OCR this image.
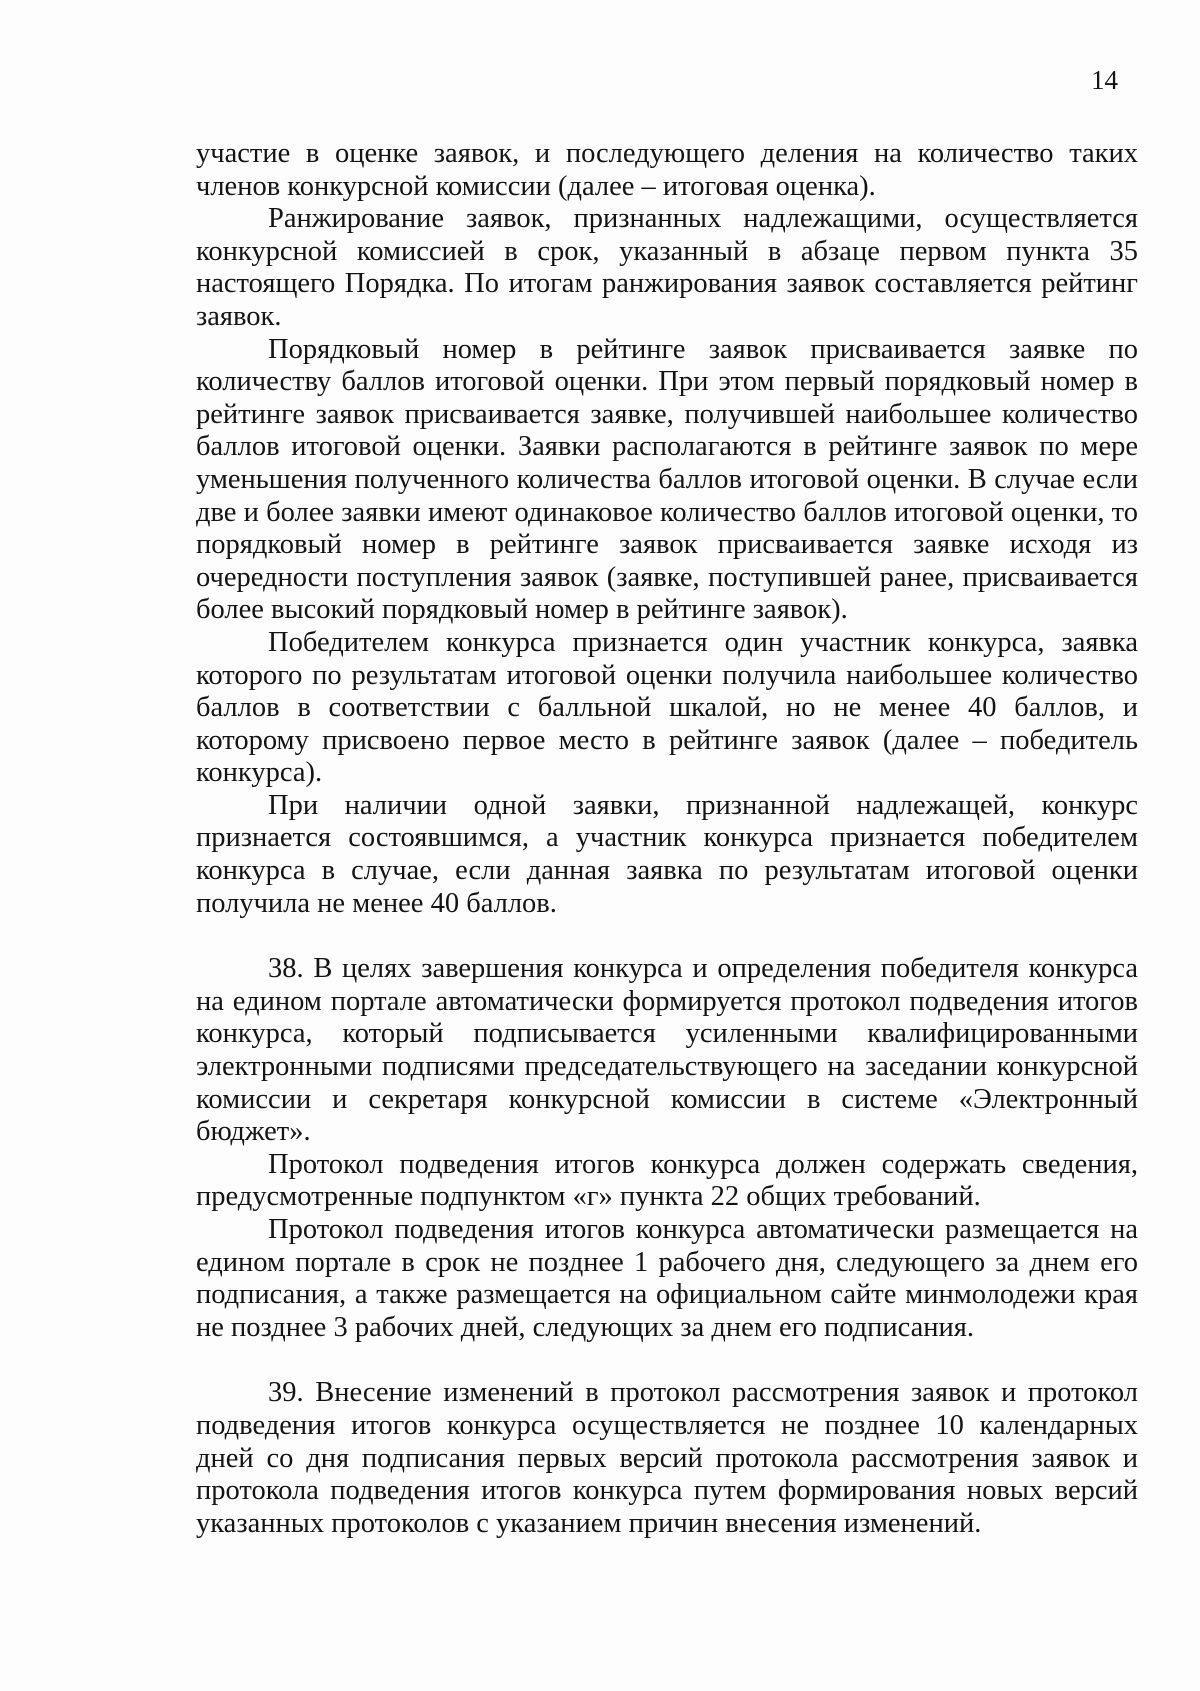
14

участие в оценке заявок, и последующего деления на количество таких членов конкурсной комиссии (далее – итоговая оценка).

Ранжирование заявок, признанных надлежащими, осуществляется конкурсной комиссией в срок, указанный в абзаце первом пункта 35 настоящего Порядка. По итогам ранжирования заявок составляется рейтинг заявок.

Порядковый номер в рейтинге заявок присваивается заявке по количеству баллов итоговой оценки. При этом первый порядковый номер в рейтинге заявок присваивается заявке, получившей наибольшее количество баллов итоговой оценки. Заявки располагаются в рейтинге заявок по мере уменьшения полученного количества баллов итоговой оценки. В случае если две и более заявки имеют одинаковое количество баллов итоговой оценки, то порядковый номер в рейтинге заявок присваивается заявке исходя из очередности поступления заявок (заявке, поступившей ранее, присваивается более высокий порядковый номер в рейтинге заявок).

Победителем конкурса признается один участник конкурса, заявка которого по результатам итоговой оценки получила наибольшее количество баллов в соответствии с балльной шкалой, но не менее 40 баллов, и которому присвоено первое место в рейтинге заявок (далее – победитель конкурса).

При наличии одной заявки, признанной надлежащей, конкурс признается состоявшимся, а участник конкурса признается победителем конкурса в случае, если данная заявка по результатам итоговой оценки получила не менее 40 баллов.

38. В целях завершения конкурса и определения победителя конкурса на едином портале автоматически формируется протокол подведения итогов конкурса, который подписывается усиленными квалифицированными электронными подписями председательствующего на заседании конкурсной комиссии и секретаря конкурсной комиссии в системе «Электронный бюджет».

Протокол подведения итогов конкурса должен содержать сведения, предусмотренные подпунктом «г» пункта 22 общих требований.

Протокол подведения итогов конкурса автоматически размещается на едином портале в срок не позднее 1 рабочего дня, следующего за днем его подписания, а также размещается на официальном сайте минмолодежи края не позднее 3 рабочих дней, следующих за днем его подписания.

39. Внесение изменений в протокол рассмотрения заявок и протокол подведения итогов конкурса осуществляется не позднее 10 календарных дней со дня подписания первых версий протокола рассмотрения заявок и протокола подведения итогов конкурса путем формирования новых версий указанных протоколов с указанием причин внесения изменений.
